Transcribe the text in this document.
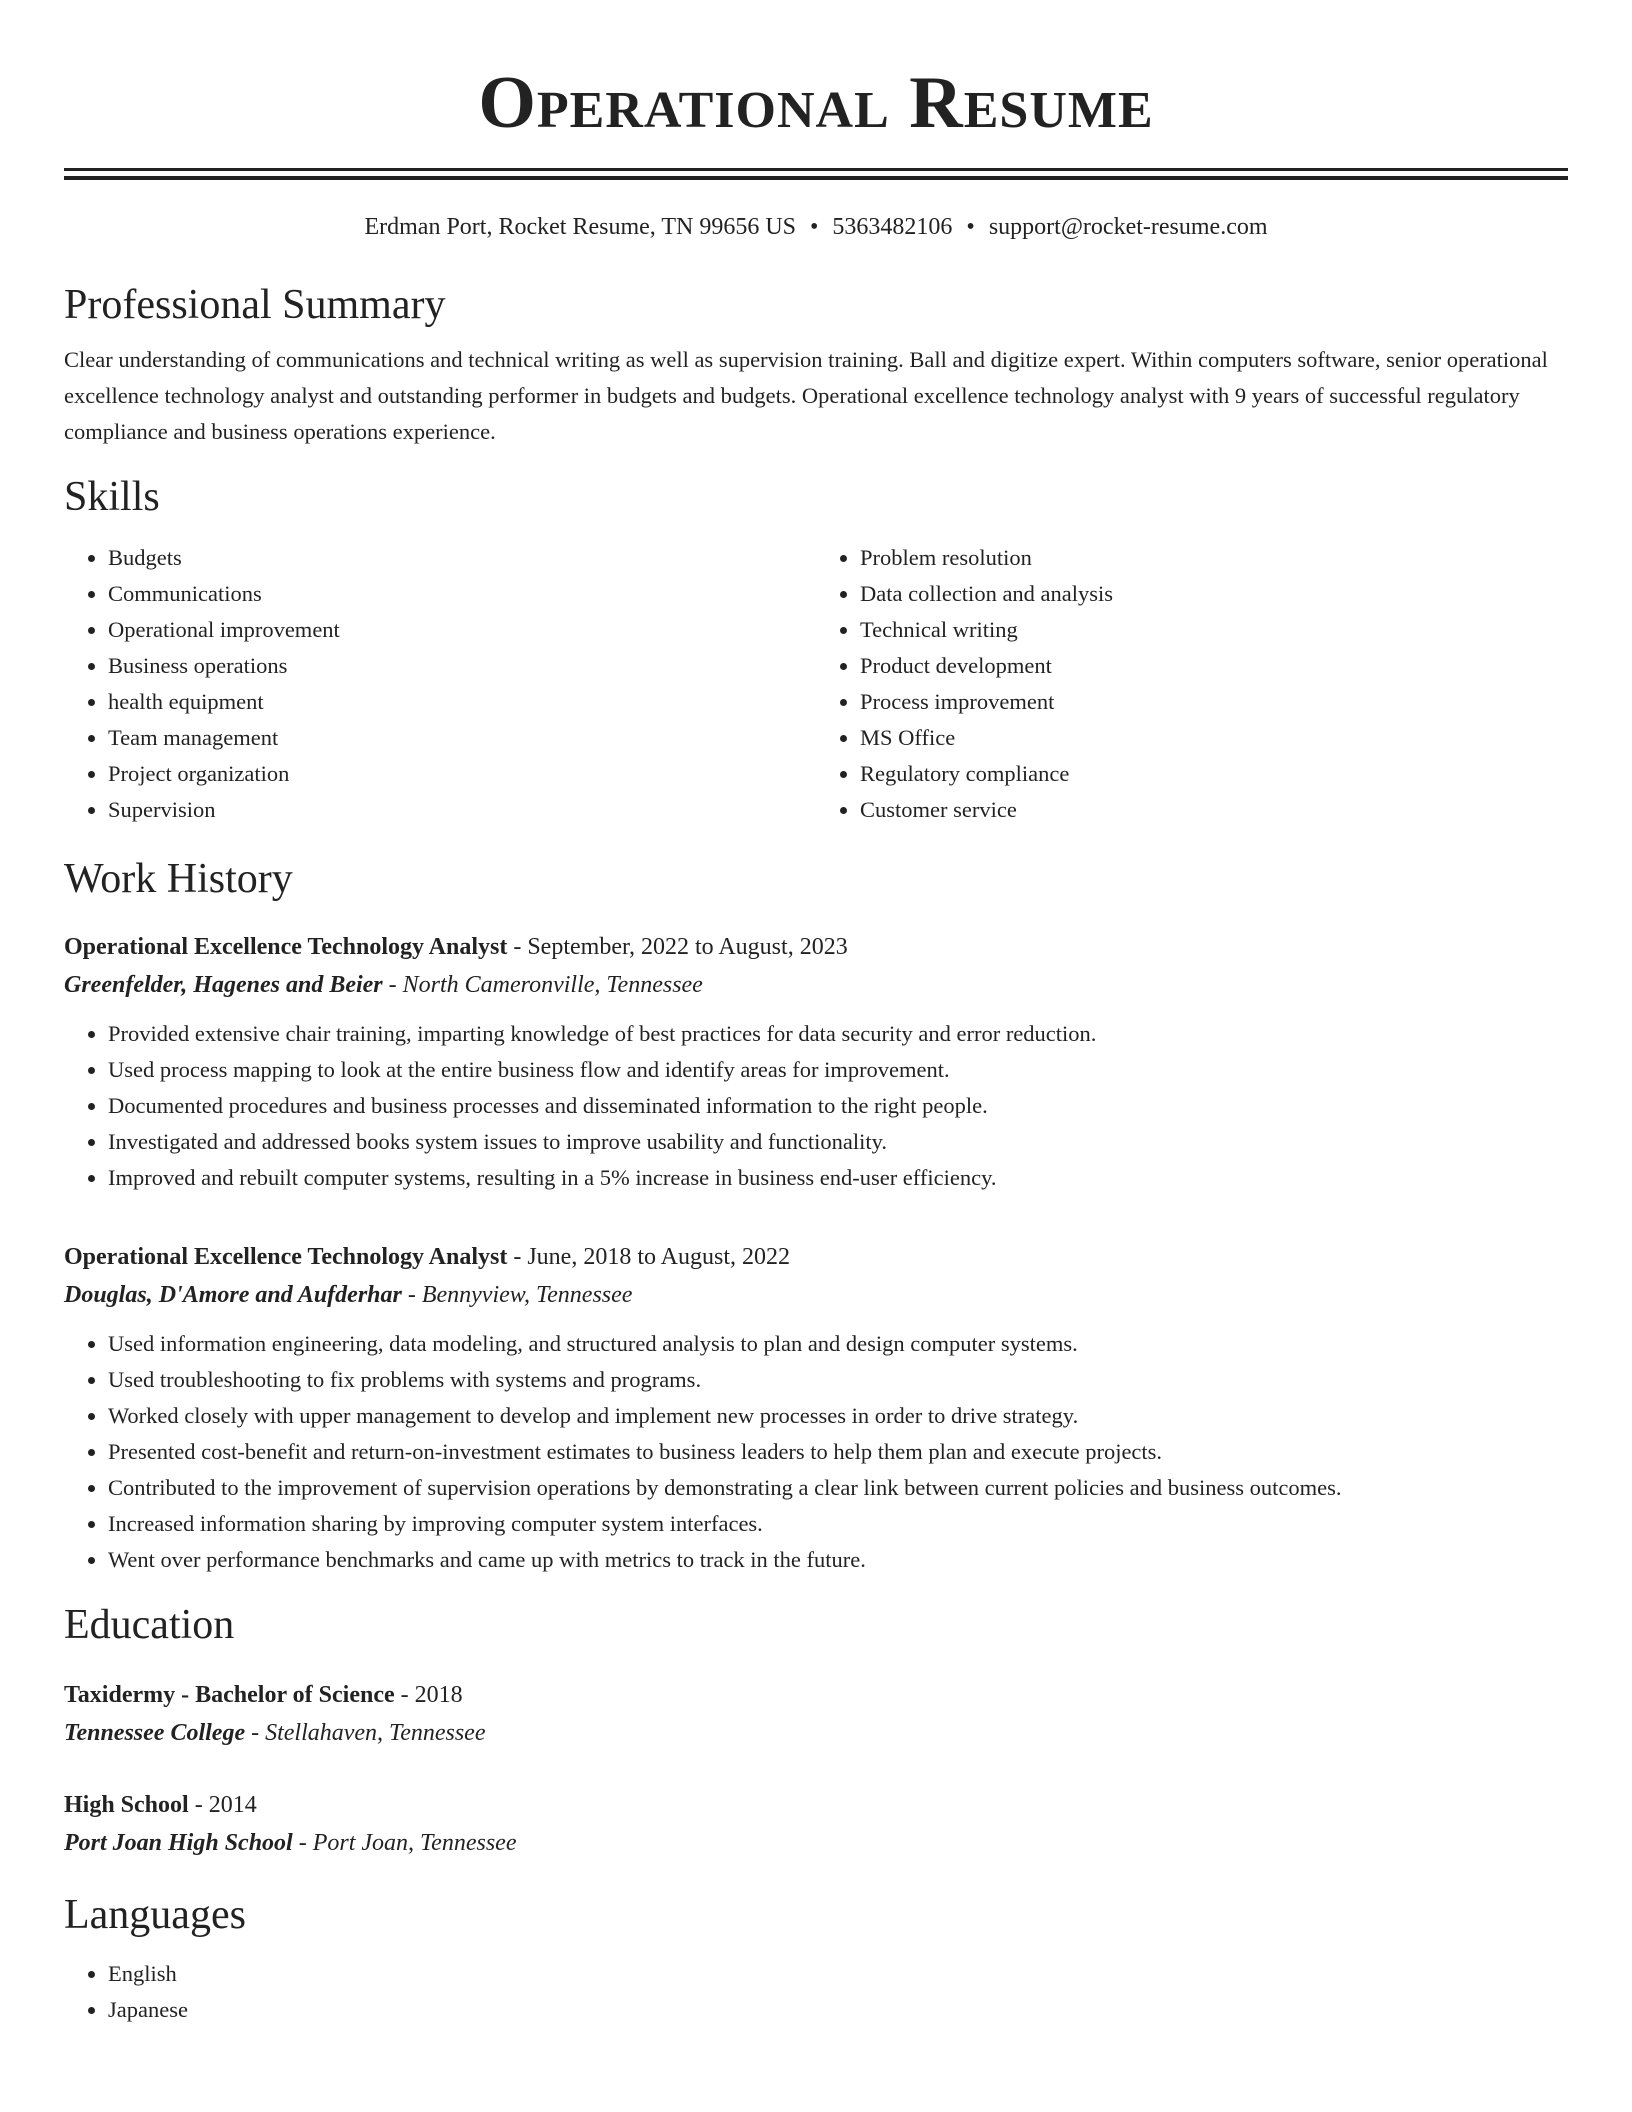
Operational Resume
Erdman Port, Rocket Resume, TN 99656 US • 5363482106 • support@rocket-resume.com
Professional Summary

Clear understanding of communications and technical writing as well as supervision training. Ball and digitize expert. Within computers software, senior operational excellence technology analyst and outstanding performer in budgets and budgets. Operational excellence technology analyst with 9 years of successful regulatory compliance and business operations experience.

Skills
• Budgets
• Communications
• Operational improvement
• Business operations
• health equipment
• Team management
• Project organization
• Supervision
• Problem resolution
• Data collection and analysis
• Technical writing
• Product development
• Process improvement
• MS Office
• Regulatory compliance
• Customer service
Work History
Operational Excellence Technology Analyst - September, 2022 to August, 2023
Greenfelder, Hagenes and Beier - North Cameronville, Tennessee
• Provided extensive chair training, imparting knowledge of best practices for data security and error reduction.
• Used process mapping to look at the entire business flow and identify areas for improvement.
• Documented procedures and business processes and disseminated information to the right people.
• Investigated and addressed books system issues to improve usability and functionality.
• Improved and rebuilt computer systems, resulting in a 5% increase in business end-user efficiency.
Operational Excellence Technology Analyst - June, 2018 to August, 2022
Douglas, D'Amore and Aufderhar - Bennyview, Tennessee
• Used information engineering, data modeling, and structured analysis to plan and design computer systems.
• Used troubleshooting to fix problems with systems and programs.
• Worked closely with upper management to develop and implement new processes in order to drive strategy.
• Presented cost-benefit and return-on-investment estimates to business leaders to help them plan and execute projects.
• Contributed to the improvement of supervision operations by demonstrating a clear link between current policies and business outcomes.
• Increased information sharing by improving computer system interfaces.
• Went over performance benchmarks and came up with metrics to track in the future.
Education
Taxidermy - Bachelor of Science - 2018
Tennessee College - Stellahaven, Tennessee
High School - 2014
Port Joan High School - Port Joan, Tennessee
Languages
• English
• Japanese
